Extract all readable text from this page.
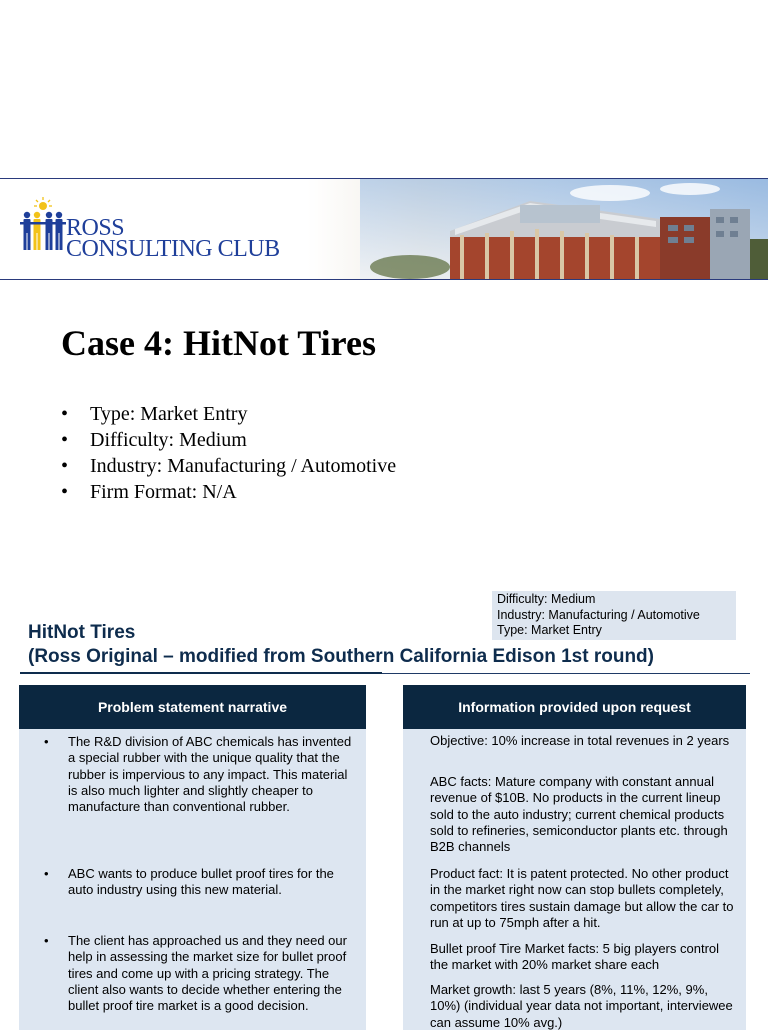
ROSS
CONSULTING CLUB
Case 4: HitNot Tires
• Type: Market Entry
• Difficulty: Medium
• Industry: Manufacturing / Automotive
• Firm Format: N/A
Difficulty: Medium
Industry: Manufacturing / Automotive
Type: Market Entry
HitNot Tires
(Ross Original – modified from Southern California Edison 1st round)
Problem statement narrative
• The R&D division of ABC chemicals has invented a special rubber with the unique quality that the rubber is impervious to any impact. This material is also much lighter and slightly cheaper to manufacture than conventional rubber.
• ABC wants to produce bullet proof tires for the auto industry using this new material.
• The client has approached us and they need our help in assessing the market size for bullet proof tires and come up with a pricing strategy. The client also wants to decide whether entering the bullet proof tire market is a good decision.
Information provided upon request
Objective: 10% increase in total revenues in 2 years
ABC facts: Mature company with constant annual revenue of $10B. No products in the current lineup sold to the auto industry; current chemical products sold to refineries, semiconductor plants etc. through B2B channels
Product fact: It is patent protected. No other product in the market right now can stop bullets completely, competitors tires sustain damage but allow the car to run at up to 75mph after a hit.
Bullet proof Tire Market facts: 5 big players control the market with 20% market share each
Market growth: last 5 years (8%, 11%, 12%, 9%, 10%) (individual year data not important, interviewee can assume 10% avg.)
